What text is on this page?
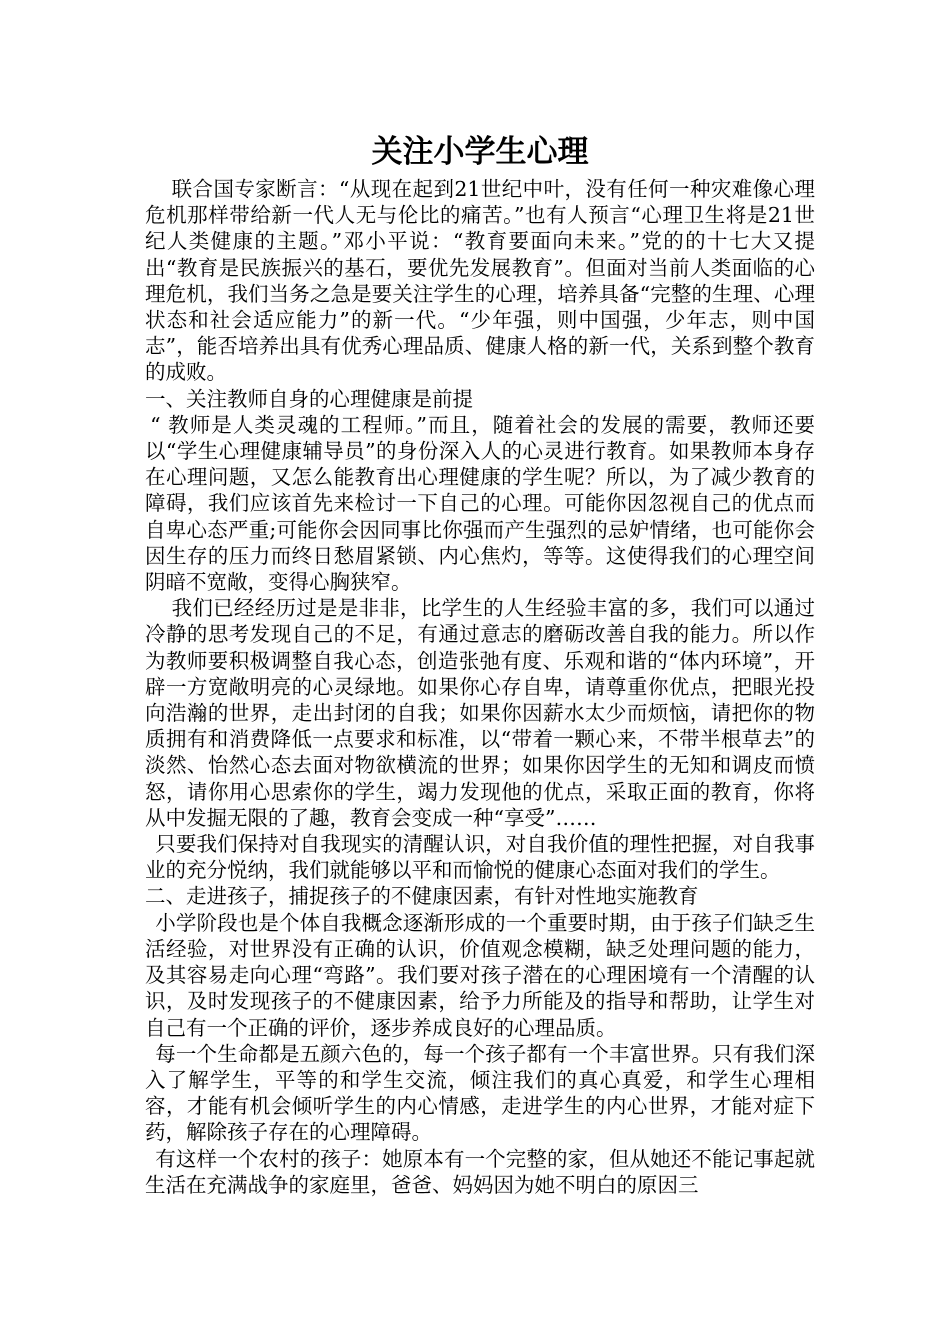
关注小学生心理

联合国专家断言：“从现在起到21世纪中叶，没有任何一种灾难像心理危机那样带给新一代人无与伦比的痛苦。”也有人预言“心理卫生将是21世纪人类健康的主题。”邓小平说：“教育要面向未来。”党的的十七大又提出“教育是民族振兴的基石，要优先发展教育”。但面对当前人类面临的心理危机，我们当务之急是要关注学生的心理，培养具备“完整的生理、心理状态和社会适应能力”的新一代。“少年强，则中国强，少年志，则中国志”，能否培养出具有优秀心理品质、健康人格的新一代，关系到整个教育的成败。

一、关注教师自身的心理健康是前提

“ 教师是人类灵魂的工程师。”而且，随着社会的发展的需要，教师还要以“学生心理健康辅导员”的身份深入人的心灵进行教育。如果教师本身存在心理问题，又怎么能教育出心理健康的学生呢？所以，为了减少教育的障碍，我们应该首先来检讨一下自己的心理。可能你因忽视自己的优点而自卑心态严重;可能你会因同事比你强而产生强烈的忌妒情绪，也可能你会因生存的压力而终日愁眉紧锁、内心焦灼，等等。这使得我们的心理空间阴暗不宽敞，变得心胸狭窄。

我们已经经历过是是非非，比学生的人生经验丰富的多，我们可以通过冷静的思考发现自己的不足，有通过意志的磨砺改善自我的能力。所以作为教师要积极调整自我心态，创造张弛有度、乐观和谐的“体内环境”，开辟一方宽敞明亮的心灵绿地。如果你心存自卑，请尊重你优点，把眼光投向浩瀚的世界，走出封闭的自我；如果你因薪水太少而烦恼，请把你的物质拥有和消费降低一点要求和标准，以“带着一颗心来，不带半根草去”的淡然、怡然心态去面对物欲横流的世界；如果你因学生的无知和调皮而愤怒，请你用心思索你的学生，竭力发现他的优点，采取正面的教育，你将从中发掘无限的了趣，教育会变成一种“享受”……

只要我们保持对自我现实的清醒认识，对自我价值的理性把握，对自我事业的充分悦纳，我们就能够以平和而愉悦的健康心态面对我们的学生。

二、走进孩子，捕捉孩子的不健康因素，有针对性地实施教育

小学阶段也是个体自我概念逐渐形成的一个重要时期，由于孩子们缺乏生活经验，对世界没有正确的认识，价值观念模糊，缺乏处理问题的能力，及其容易走向心理“弯路”。我们要对孩子潜在的心理困境有一个清醒的认识，及时发现孩子的不健康因素，给予力所能及的指导和帮助，让学生对自己有一个正确的评价，逐步养成良好的心理品质。

每一个生命都是五颜六色的，每一个孩子都有一个丰富世界。只有我们深入了解学生，平等的和学生交流，倾注我们的真心真爱，和学生心理相容，才能有机会倾听学生的内心情感，走进学生的内心世界，才能对症下药，解除孩子存在的心理障碍。

有这样一个农村的孩子：她原本有一个完整的家，但从她还不能记事起就生活在充满战争的家庭里，爸爸、妈妈因为她不明白的原因三
